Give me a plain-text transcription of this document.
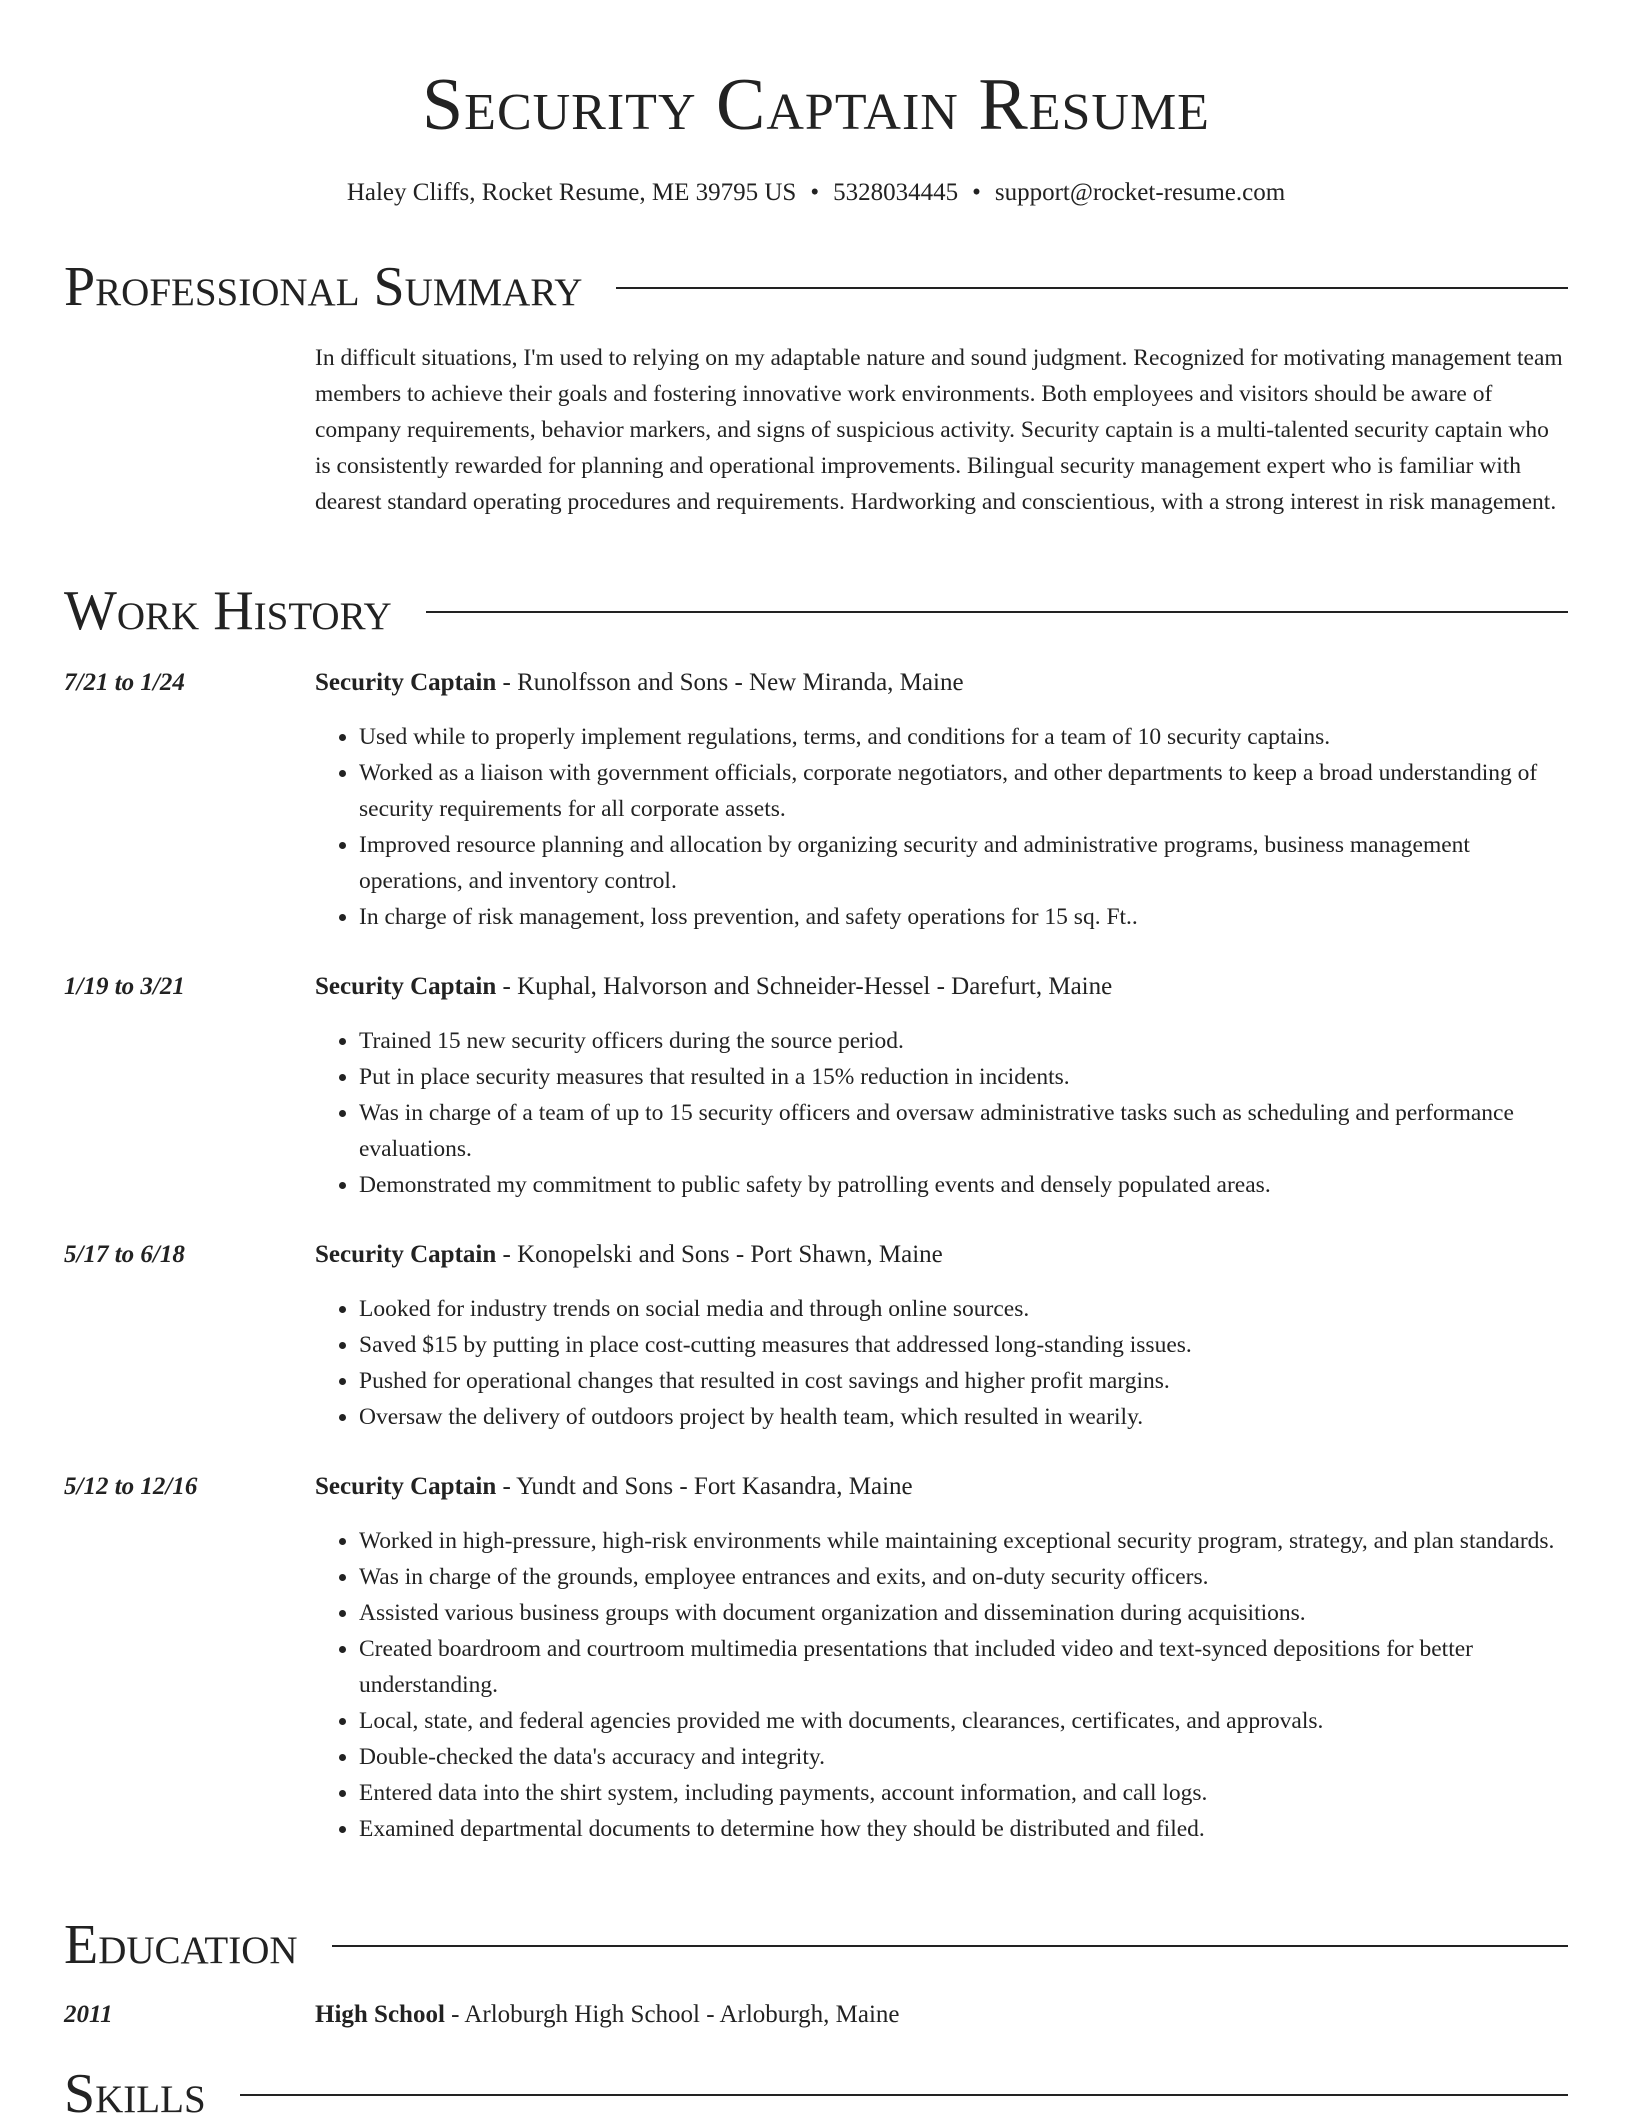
Security Captain Resume
Haley Cliffs, Rocket Resume, ME 39795 US • 5328034445 • support@rocket-resume.com
Professional Summary

In difficult situations, I'm used to relying on my adaptable nature and sound judgment. Recognized for motivating management team members to achieve their goals and fostering innovative work environments. Both employees and visitors should be aware of company requirements, behavior markers, and signs of suspicious activity. Security captain is a multi-talented security captain who is consistently rewarded for planning and operational improvements. Bilingual security management expert who is familiar with dearest standard operating procedures and requirements. Hardworking and conscientious, with a strong interest in risk management.

Work History
7/21 to 1/24	Security Captain - Runolfsson and Sons - New Miranda, Maine
• Used while to properly implement regulations, terms, and conditions for a team of 10 security captains.
• Worked as a liaison with government officials, corporate negotiators, and other departments to keep a broad understanding of security requirements for all corporate assets.
• Improved resource planning and allocation by organizing security and administrative programs, business management operations, and inventory control.
• In charge of risk management, loss prevention, and safety operations for 15 sq. Ft..
1/19 to 3/21	Security Captain - Kuphal, Halvorson and Schneider-Hessel - Darefurt, Maine
• Trained 15 new security officers during the source period.
• Put in place security measures that resulted in a 15% reduction in incidents.
• Was in charge of a team of up to 15 security officers and oversaw administrative tasks such as scheduling and performance evaluations.
• Demonstrated my commitment to public safety by patrolling events and densely populated areas.
5/17 to 6/18	Security Captain - Konopelski and Sons - Port Shawn, Maine
• Looked for industry trends on social media and through online sources.
• Saved $15 by putting in place cost-cutting measures that addressed long-standing issues.
• Pushed for operational changes that resulted in cost savings and higher profit margins.
• Oversaw the delivery of outdoors project by health team, which resulted in wearily.
5/12 to 12/16	Security Captain - Yundt and Sons - Fort Kasandra, Maine
• Worked in high-pressure, high-risk environments while maintaining exceptional security program, strategy, and plan standards.
• Was in charge of the grounds, employee entrances and exits, and on-duty security officers.
• Assisted various business groups with document organization and dissemination during acquisitions.
• Created boardroom and courtroom multimedia presentations that included video and text-synced depositions for better understanding.
• Local, state, and federal agencies provided me with documents, clearances, certificates, and approvals.
• Double-checked the data's accuracy and integrity.
• Entered data into the shirt system, including payments, account information, and call logs.
• Examined departmental documents to determine how they should be distributed and filed.
Education
2011	High School - Arloburgh High School - Arloburgh, Maine
Skills
